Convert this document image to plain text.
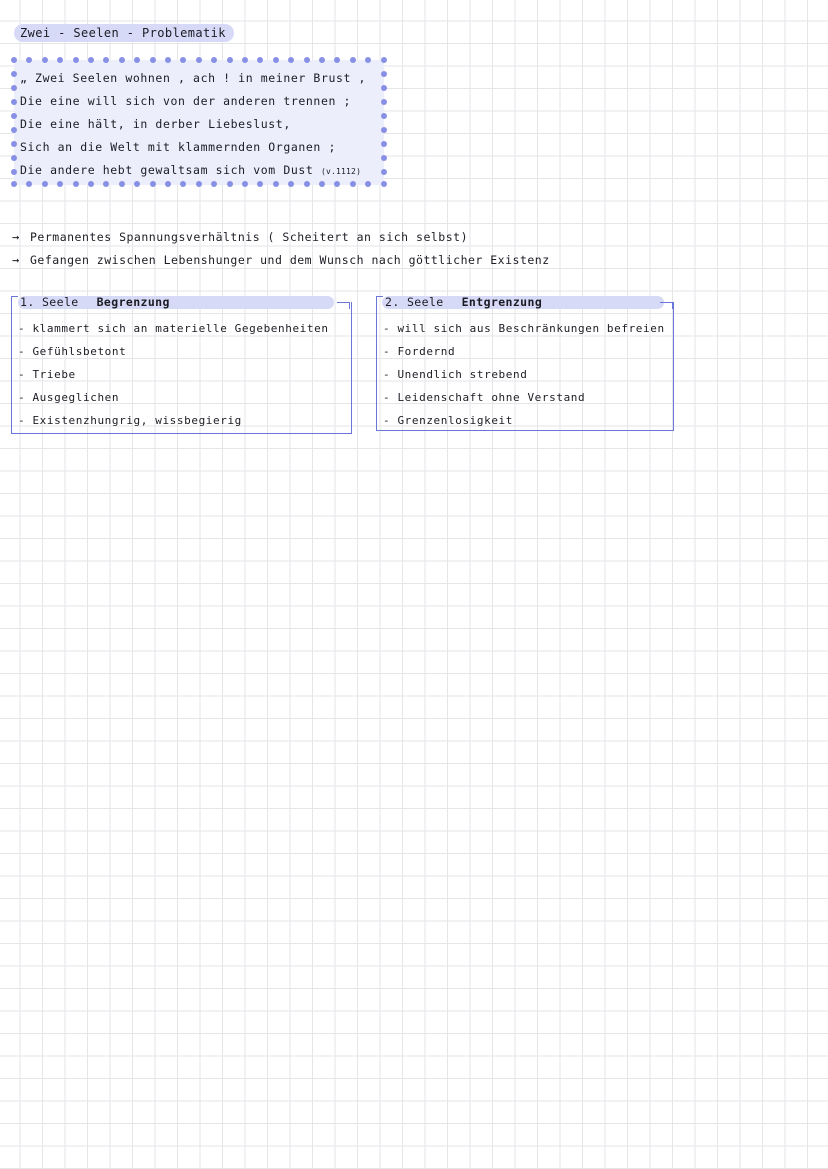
Zwei - Seelen - Problematik
„ Zwei Seelen wohnen , ach ! in meiner Brust ,
Die eine will sich von der anderen trennen ;
Die eine hält, in derber Liebeslust,
Sich an die Welt mit klammernden Organen ;
Die andere hebt gewaltsam sich vom Dust (v.1112)
→ Permanentes Spannungsverhältnis ( Scheitert an sich selbst)
→ Gefangen zwischen Lebenshunger und dem Wunsch nach göttlicher Existenz
1. Seele Begrenzung
- klammert sich an materielle Gegebenheiten
- Gefühlsbetont
- Triebe
- Ausgeglichen
- Existenzhungrig, wissbegierig
2. Seele Entgrenzung
- will sich aus Beschränkungen befreien
- Fordernd
- Unendlich strebend
- Leidenschaft ohne Verstand
- Grenzenlosigkeit
